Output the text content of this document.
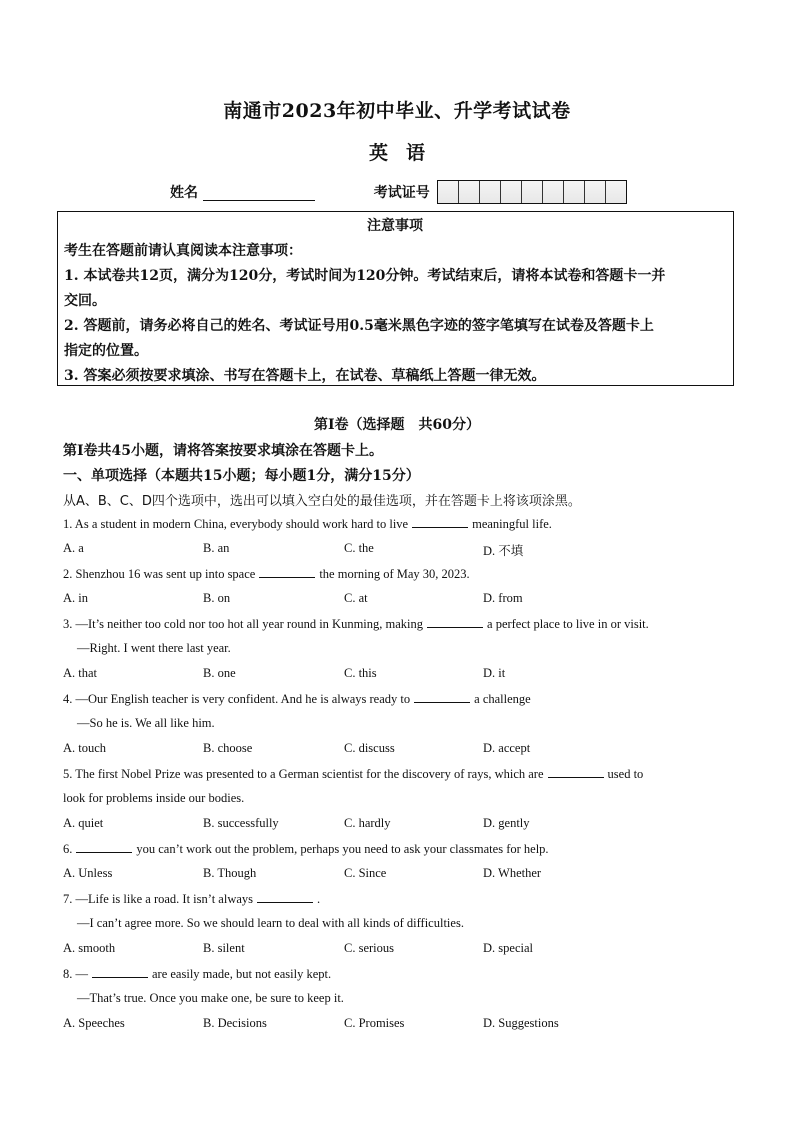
南通市2023年初中毕业、升学考试试卷
英语
姓名	考试证号
注意事项
考生在答题前请认真阅读本注意事项：
1. 本试卷共12页，满分为120分，考试时间为120分钟。考试结束后，请将本试卷和答题卡一并
交回。
2. 答题前，请务必将自己的姓名、考试证号用0.5毫米黑色字迹的签字笔填写在试卷及答题卡上
指定的位置。
3. 答案必须按要求填涂、书写在答题卡上，在试卷、草稿纸上答题一律无效。
第Ⅰ卷（选择题　共60分）
第Ⅰ卷共45小题，请将答案按要求填涂在答题卡上。
一、单项选择（本题共15小题；每小题1分，满分15分）
从A、B、C、D四个选项中，选出可以填入空白处的最佳选项，并在答题卡上将该项涂黑。
1. As a student in modern China, everybody should work hard to live	meaningful life.
A. a	B. an	C. the	D. 不填
2. Shenzhou 16 was sent up into space	the morning of May 30, 2023.
A. in	B. on	C. at	D. from
3. —It’s neither too cold nor too hot all year round in Kunming, making	a perfect place to live in or visit.
—Right. I went there last year.
A. that	B. one	C. this	D. it
4. —Our English teacher is very confident. And he is always ready to	a challenge
—So he is. We all like him.
A. touch	B. choose	C. discuss	D. accept
5. The first Nobel Prize was presented to a German scientist for the discovery of rays, which are	used to
look for problems inside our bodies.
A. quiet	B. successfully	C. hardly	D. gently
6.	you can’t work out the problem, perhaps you need to ask your classmates for help.
A. Unless	B. Though	C. Since	D. Whether
7. —Life is like a road. It isn’t always	.
—I can’t agree more. So we should learn to deal with all kinds of difficulties.
A. smooth	B. silent	C. serious	D. special
8. —	are easily made, but not easily kept.
—That’s true. Once you make one, be sure to keep it.
A. Speeches	B. Decisions	C. Promises	D. Suggestions
